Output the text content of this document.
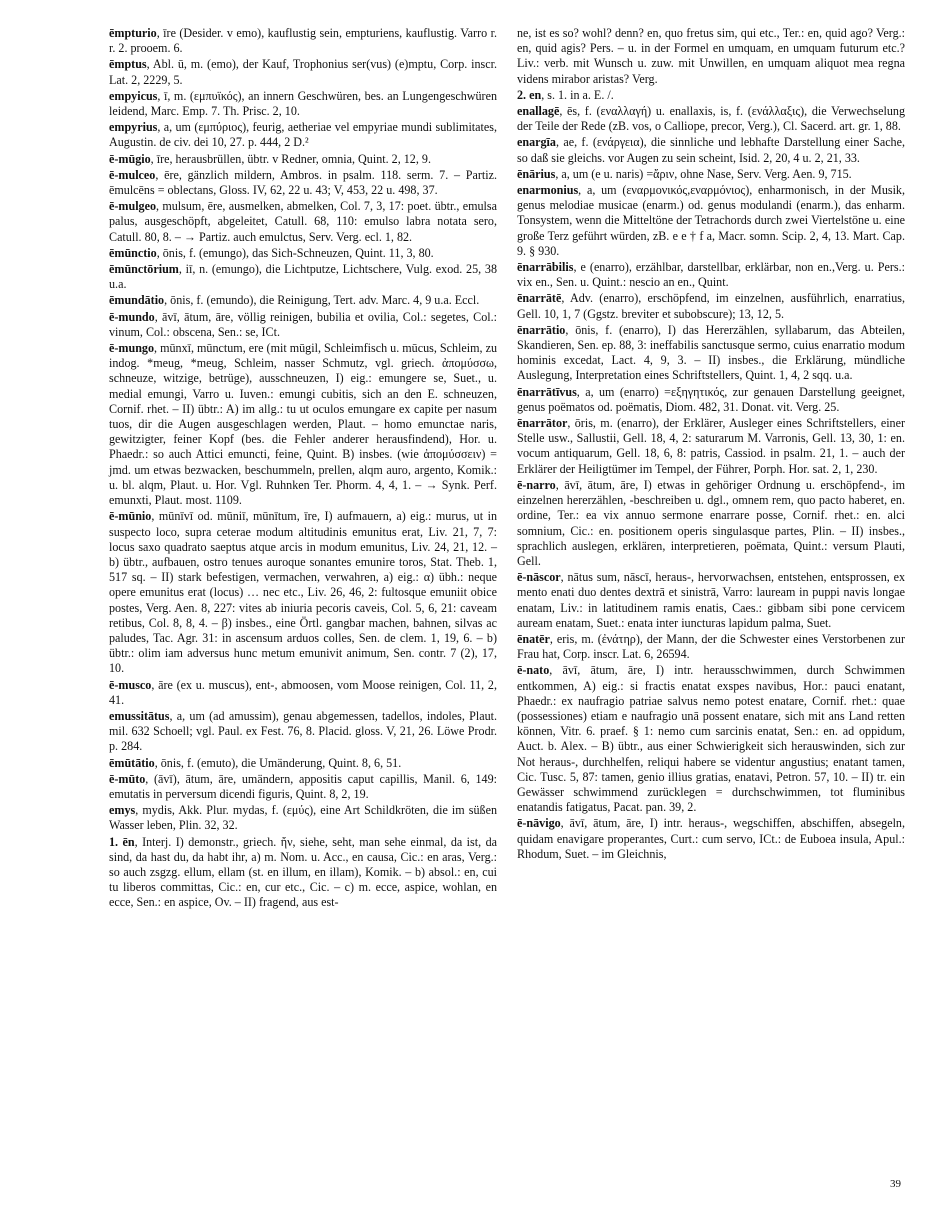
ēmpturio, īre (Desider. v emo), kauflustig sein, empturiens, kauflustig. Varro r. r. 2. prooem. 6.

ēmptus, Abl. ū, m. (emo), der Kauf, Trophonius ser(vus) (e)mptu, Corp. inscr. Lat. 2, 2229, 5.

empyicus, ī, m. (εμπυϊκός), an innern Geschwüren, bes. an Lungengeschwüren leidend, Marc. Emp. 7. Th. Prisc. 2, 10.

empyrius, a, um (εμπύριος), feurig, aetheriae vel empyriae mundi sublimitates, Augustin. de civ. dei 10, 27. p. 444, 2 D.²

ē-mūgio, īre, herausbrüllen, übtr. v Redner, omnia, Quint. 2, 12, 9.

ē-mulceo, ēre, gänzlich mildern, Ambros. in psalm. 118. serm. 7. – Partiz. ēmulcēns = oblectans, Gloss. IV, 62, 22 u. 43; V, 453, 22 u. 498, 37.

ē-mulgeo, mulsum, ēre, ausmelken, abmelken, Col. 7, 3, 17: poet. übtr., emulsa palus, ausgeschöpft, abgeleitet, Catull. 68, 110: emulso labra notata sero, Catull. 80, 8. – → Partiz. auch emulctus, Serv. Verg. ecl. 1, 82.

ēmūnctio, ōnis, f. (emungo), das Sich-Schneuzen, Quint. 11, 3, 80.

ēmūnctōrium, iī, n. (emungo), die Lichtputze, Lichtschere, Vulg. exod. 25, 38 u.a.

ēmundātio, ōnis, f. (emundo), die Reinigung, Tert. adv. Marc. 4, 9 u.a. Eccl.

ē-mundo, āvī, ātum, āre, völlig reinigen, bubilia et ovilia, Col.: segetes, Col.: vinum, Col.: obscena, Sen.: se, ICt.

ē-mungo, mūnxī, mūnctum, ere (mit mūgil, Schleimfisch u. mūcus, Schleim, zu indog. *meug, *meug, Schleim, nasser Schmutz, vgl. griech. ἀπομύσσω, schneuze, witzige, betrüge), ausschneuzen, I) eig.: emungere se, Suet., u. medial emungi, Varro u. Iuven.: emungi cubitis, sich an den E. schneuzen, Cornif. rhet. – II) übtr.: A) im allg.: tu ut oculos emungare ex capite per nasum tuos, dir die Augen ausgeschlagen werden, Plaut. – homo emunctae naris, gewitzigter, feiner Kopf (bes. die Fehler anderer herausfindend), Hor. u. Phaedr.: so auch Attici emuncti, feine, Quint. B) insbes. (wie ἀπομύσσειν) = jmd. um etwas bezwacken, beschummeln, prellen, alqm auro, argento, Komik.: u. bl. alqm, Plaut. u. Hor. Vgl. Ruhnken Ter. Phorm. 4, 4, 1. – → Synk. Perf. emunxti, Plaut. most. 1109.

ē-mūnio, mūnīvī od. mūniī, mūnītum, īre, I) aufmauern, a) eig.: murus, ut in suspecto loco, supra ceterae modum altitudinis emunitus erat, Liv. 21, 7, 7: locus saxo quadrato saeptus atque arcis in modum emunitus, Liv. 24, 21, 12. – b) übtr., aufbauen, ostro tenues auroque sonantes emunire toros, Stat. Theb. 1, 517 sq. – II) stark befestigen, vermachen, verwahren, a) eig.: α) übh.: neque opere emunitus erat (locus) … nec etc., Liv. 26, 46, 2: fultosque emuniit obice postes, Verg. Aen. 8, 227: vites ab iniuria pecoris caveis, Col. 5, 6, 21: caveam retibus, Col. 8, 8, 4. – β) insbes., eine Örtl. gangbar machen, bahnen, silvas ac paludes, Tac. Agr. 31: in ascensum arduos colles, Sen. de clem. 1, 19, 6. – b) übtr.: olim iam adversus hunc metum emunivit animum, Sen. contr. 7 (2), 17, 10.

ē-musco, āre (ex u. muscus), ent-, abmoosen, vom Moose reinigen, Col. 11, 2, 41.

emussitātus, a, um (ad amussim), genau abgemessen, tadellos, indoles, Plaut. mil. 632 Schoell; vgl. Paul. ex Fest. 76, 8. Placid. gloss. V, 21, 26. Löwe Prodr. p. 284.

ēmūtātio, ōnis, f. (emuto), die Umänderung, Quint. 8, 6, 51.

ē-mūto, (āvī), ātum, āre, umändern, appositis caput capillis, Manil. 6, 149: emutatis in perversum dicendi figuris, Quint. 8, 2, 19.

emys, mydis, Akk. Plur. mydas, f. (εμύς), eine Art Schildkröten, die im süßen Wasser leben, Plin. 32, 32.

1. ēn, Interj. I) demonstr., griech. ἤν, siehe, seht, man sehe einmal, da ist, da sind, da hast du, da habt ihr, a) m. Nom. u. Acc., en causa, Cic.: en aras, Verg.: so auch zsgzg. ellum, ellam (st. en illum, en illam), Komik. – b) absol.: en, cui tu liberos committas, Cic.: en, cur etc., Cic. – c) m. ecce, aspice, wohlan, en ecce, Sen.: en aspice, Ov. – II) fragend, aus est-

ne, ist es so? wohl? denn? en, quo fretus sim, qui etc., Ter.: en, quid ago? Verg.: en, quid agis? Pers. – u. in der Formel en umquam, en umquam futurum etc.? Liv.: verb. mit Wunsch u. zuw. mit Unwillen, en umquam aliquot mea regna videns mirabor aristas? Verg.

2. en, s. 1. in a. E. /.

enallagē, ēs, f. (εναλλαγή) u. enallaxis, is, f. (ενάλλαξις), die Verwechselung der Teile der Rede (zB. vos, o Calliope, precor, Verg.), Cl. Sacerd. art. gr. 1, 88.

enargīa, ae, f. (ενάργεια), die sinnliche und lebhafte Darstellung einer Sache, so daß sie gleichs. vor Augen zu sein scheint, Isid. 2, 20, 4 u. 2, 21, 33.

ēnārius, a, um (e u. naris) =ἄριν, ohne Nase, Serv. Verg. Aen. 9, 715.

enarmonius, a, um (εναρμονικός,εναρμόνιος), enharmonisch, in der Musik, genus melodiae musicae (enarm.) od. genus modulandi (enarm.), das enharm. Tonsystem, wenn die Mitteltöne der Tetrachords durch zwei Viertelstöne u. eine große Terz geführt würden, zB. e e † f a, Macr. somn. Scip. 2, 4, 13. Mart. Cap. 9. § 930.

ēnarrābilis, e (enarro), erzählbar, darstellbar, erklärbar, non en.,Verg. u. Pers.: vix en., Sen. u. Quint.: nescio an en., Quint.

ēnarrātē, Adv. (enarro), erschöpfend, im einzelnen, ausführlich, enarratius, Gell. 10, 1, 7 (Ggstz. breviter et subobscure); 13, 12, 5.

ēnarrātio, ōnis, f. (enarro), I) das Hererzählen, syllabarum, das Abteilen, Skandieren, Sen. ep. 88, 3: ineffabilis sanctusque sermo, cuius enarratio modum hominis excedat, Lact. 4, 9, 3. – II) insbes., die Erklärung, mündliche Auslegung, Interpretation eines Schriftstellers, Quint. 1, 4, 2 sqq. u.a.

ēnarrātīvus, a, um (enarro) =εξηγητικός, zur genauen Darstellung geeignet, genus poëmatos od. poëmatis, Diom. 482, 31. Donat. vit. Verg. 25.

ēnarrātor, ōris, m. (enarro), der Erklärer, Ausleger eines Schriftstellers, einer Stelle usw., Sallustii, Gell. 18, 4, 2: saturarum M. Varronis, Gell. 13, 30, 1: en. vocum antiquarum, Gell. 18, 6, 8: patris, Cassiod. in psalm. 21, 1. – auch der Erklärer der Heiligtümer im Tempel, der Führer, Porph. Hor. sat. 2, 1, 230.

ē-narro, āvī, ātum, āre, I) etwas in gehöriger Ordnung u. erschöpfend-, im einzelnen hererzählen, -beschreiben u. dgl., omnem rem, quo pacto haberet, en. ordine, Ter.: ea vix annuo sermone enarrare posse, Cornif. rhet.: en. alci somnium, Cic.: en. positionem operis singulasque partes, Plin. – II) insbes., sprachlich auslegen, erklären, interpretieren, poëmata, Quint.: versum Plauti, Gell.

ē-nāscor, nātus sum, nāscī, heraus-, hervorwachsen, entstehen, entsprossen, ex mento enati duo dentes dextrā et sinistrā, Varro: lauream in puppi navis longae enatam, Liv.: in latitudinem ramis enatis, Caes.: gibbam sibi pone cervicem auream enatam, Suet.: enata inter iuncturas lapidum palma, Suet.

ēnatēr, eris, m. (ἐνάτηρ), der Mann, der die Schwester eines Verstorbenen zur Frau hat, Corp. inscr. Lat. 6, 26594.

ē-nato, āvī, ātum, āre, I) intr. herausschwimmen, durch Schwimmen entkommen, A) eig.: si fractis enatat exspes navibus, Hor.: pauci enatant, Phaedr.: ex naufragio patriae salvus nemo potest enatare, Cornif. rhet.: quae (possessiones) etiam e naufragio unā possent enatare, sich mit ans Land retten können, Vitr. 6. praef. § 1: nemo cum sarcinis enatat, Sen.: en. ad oppidum, Auct. b. Alex. – B) übtr., aus einer Schwierigkeit sich herauswinden, sich zur Not heraus-, durchhelfen, reliqui habere se videntur angustius; enatant tamen, Cic. Tusc. 5, 87: tamen, genio illius gratias, enatavi, Petron. 57, 10. – II) tr. ein Gewässer schwimmend zurücklegen = durchschwimmen, tot fluminibus enatandis fatigatus, Pacat. pan. 39, 2.

ē-nāvigo, āvī, ātum, āre, I) intr. heraus-, wegschiffen, abschiffen, absegeln, quidam enavigare properantes, Curt.: cum servo, ICt.: de Euboea insula, Apul.: Rhodum, Suet. – im Gleichnis,

39
